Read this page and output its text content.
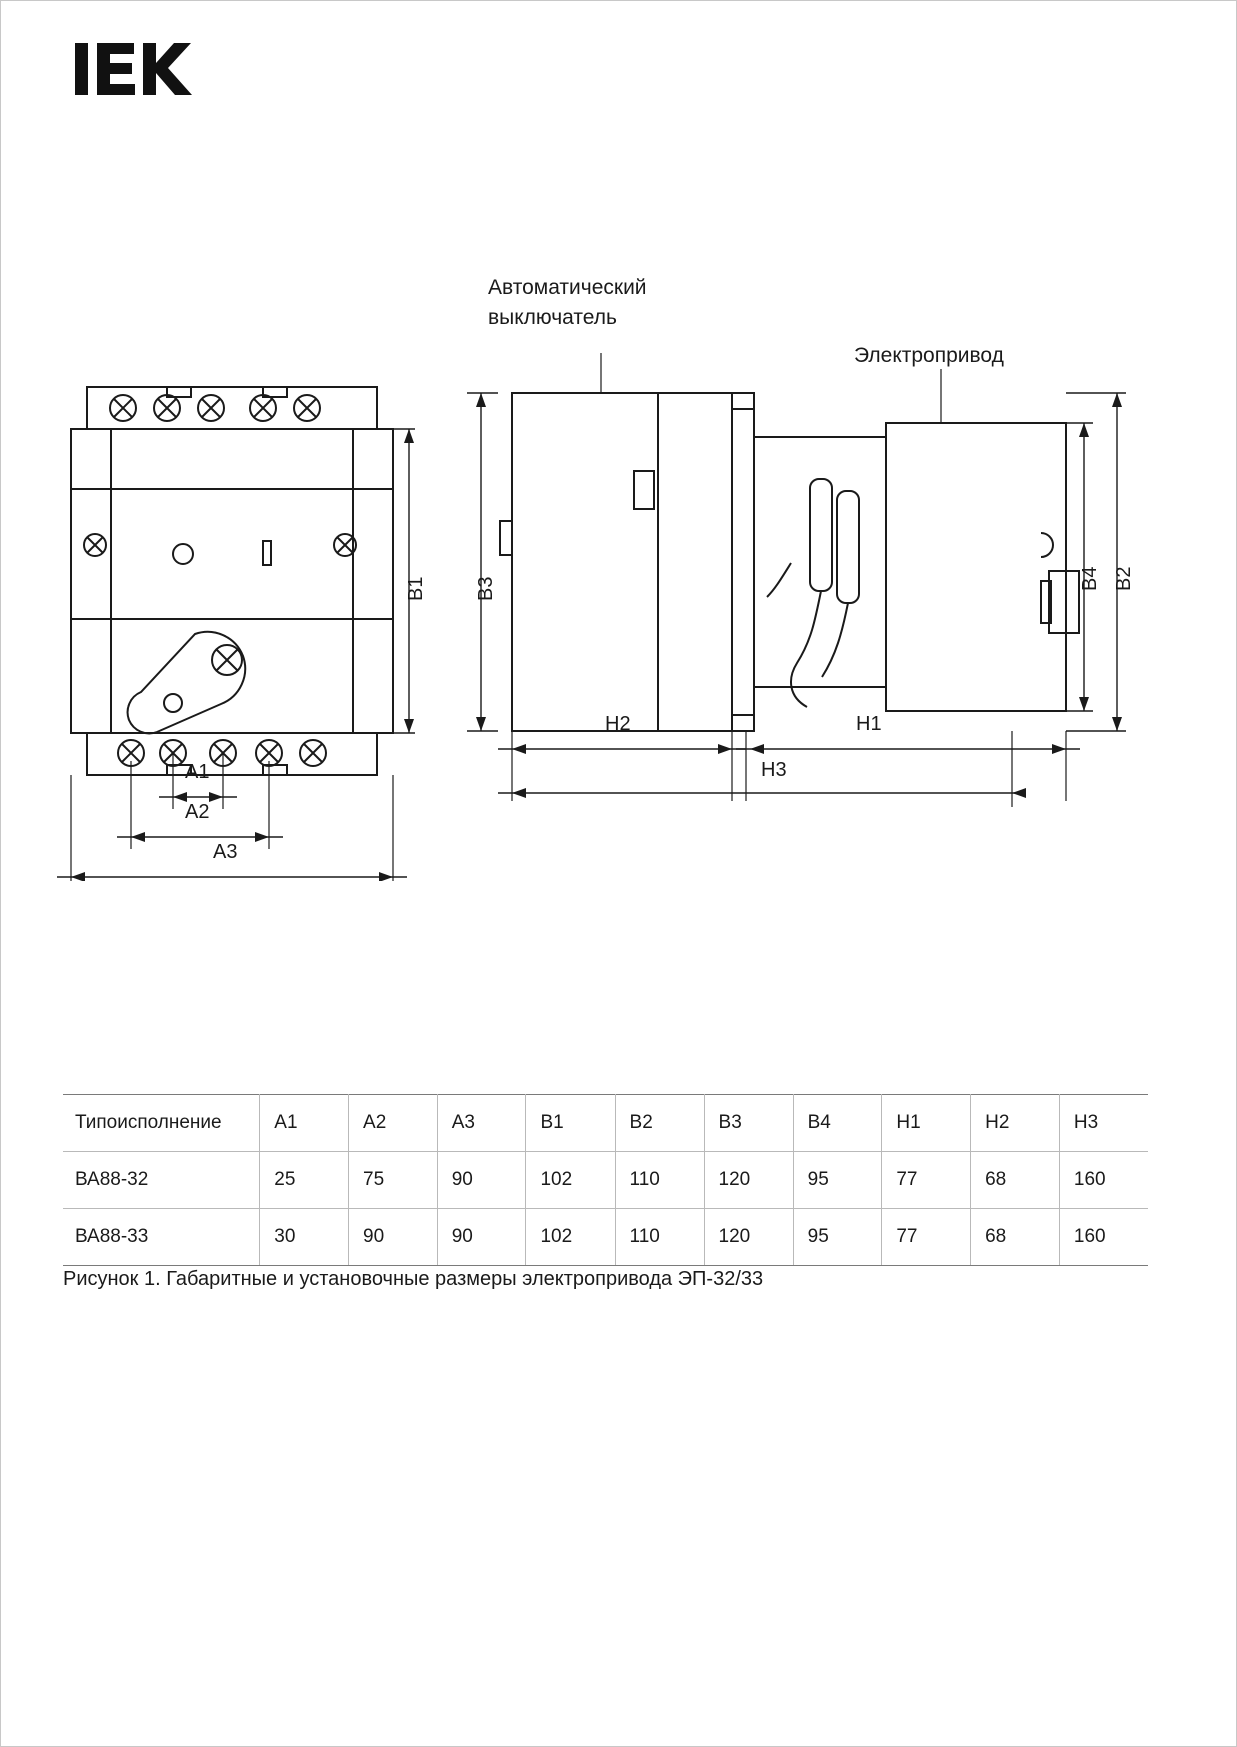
Автоматический
выключатель
Электропривод
B1 B3	B4 B2
A1
A2
A3
H2	H1
H3
Типоисполнение	A1	A2	A3	B1	B2	B3	B4	H1	H2	H3
ВА88-32	25	75	90	102	110	120	95	77	68	160
ВА88-33	30	90	90	102	110	120	95	77	68	160
Рисунок 1. Габаритные и установочные размеры электропривода ЭП-32/33
